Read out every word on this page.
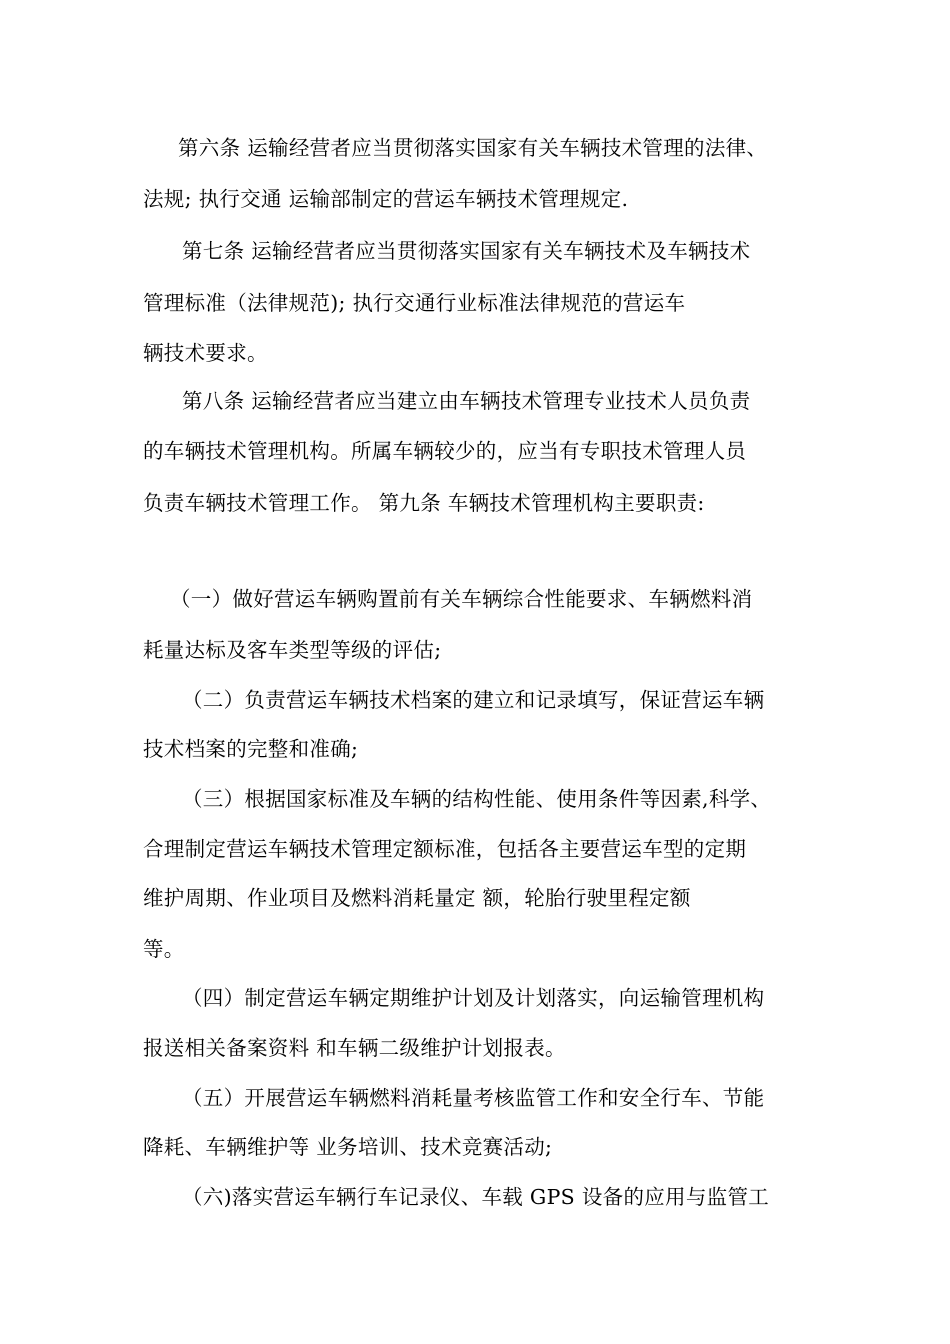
第六条 运输经营者应当贯彻落实国家有关车辆技术管理的法律、
法规; 执行交通 运输部制定的营运车辆技术管理规定.
第七条 运输经营者应当贯彻落实国家有关车辆技术及车辆技术
管理标准（法律规范); 执行交通行业标准法律规范的营运车
辆技术要求。
第八条 运输经营者应当建立由车辆技术管理专业技术人员负责
的车辆技术管理机构。所属车辆较少的，应当有专职技术管理人员
负责车辆技术管理工作。 第九条 车辆技术管理机构主要职责:
（一）做好营运车辆购置前有关车辆综合性能要求、车辆燃料消
耗量达标及客车类型等级的评估;
（二）负责营运车辆技术档案的建立和记录填写，保证营运车辆
技术档案的完整和准确;
（三）根据国家标准及车辆的结构性能、使用条件等因素,科学、
合理制定营运车辆技术管理定额标准，包括各主要营运车型的定期
维护周期、作业项目及燃料消耗量定 额，轮胎行驶里程定额
等。
（四）制定营运车辆定期维护计划及计划落实，向运输管理机构
报送相关备案资料 和车辆二级维护计划报表。
（五）开展营运车辆燃料消耗量考核监管工作和安全行车、节能
降耗、车辆维护等 业务培训、技术竞赛活动;
（六)落实营运车辆行车记录仪、车载 GPS 设备的应用与监管工
